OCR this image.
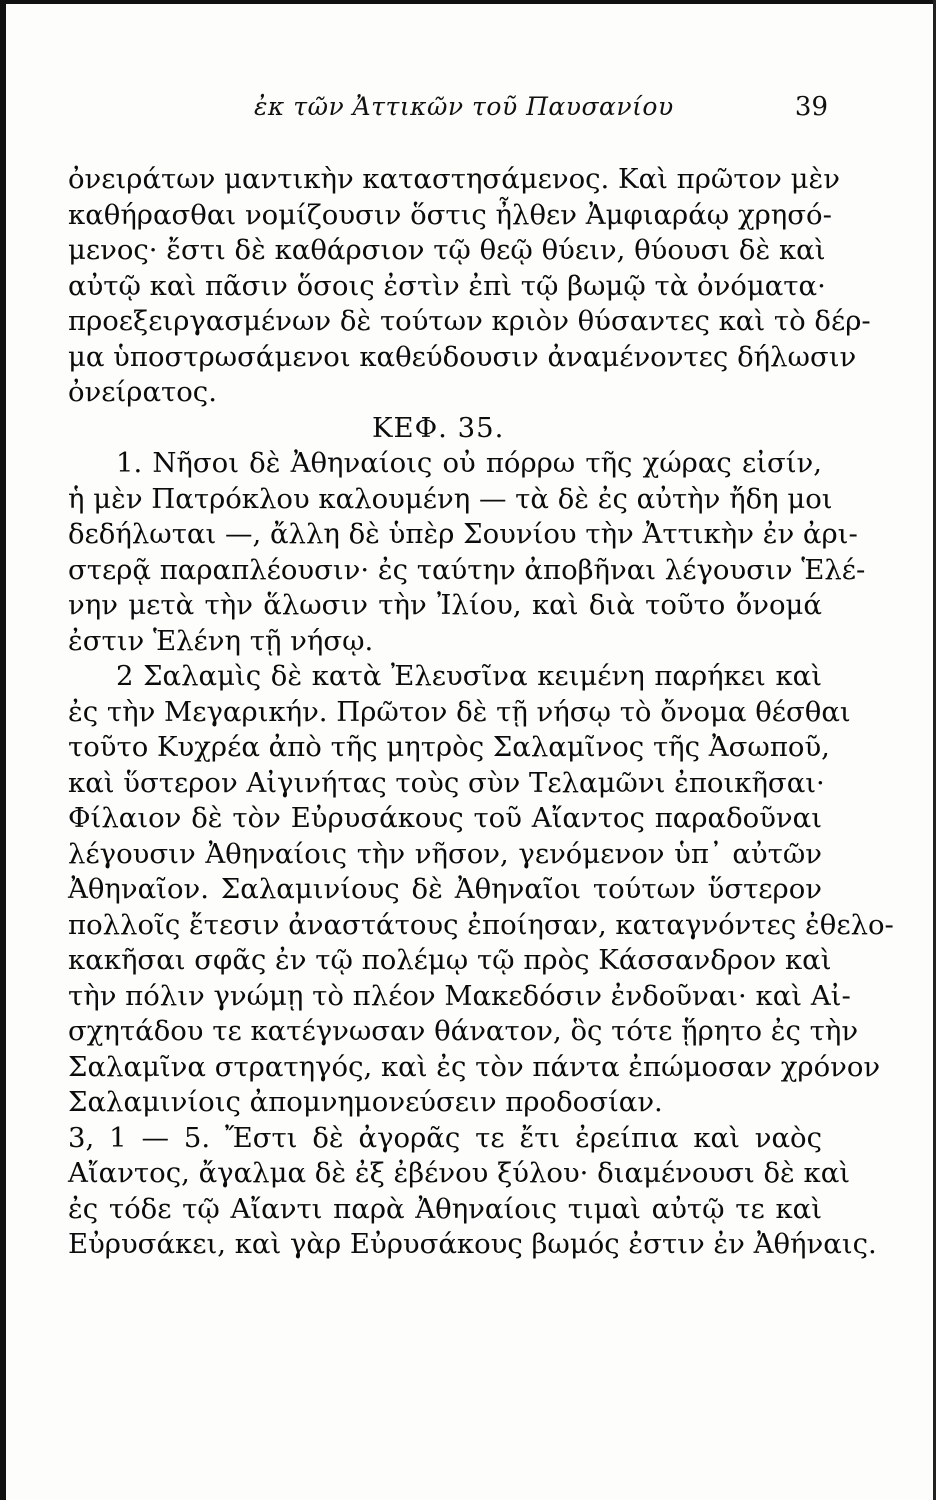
ἐκ τῶν Ἀττικῶν τοῦ Παυσανίου	39
ὀνειράτων μαντικὴν καταστησάμενος. Καὶ πρῶτον μὲν
καθήρασθαι νομίζουσιν ὅστις ἦλθεν Ἀμφιαράῳ χρησό-
μενος· ἔστι δὲ καθάρσιον τῷ θεῷ θύειν, θύουσι δὲ καὶ
αὐτῷ καὶ πᾶσιν ὅσοις ἐστὶν ἐπὶ τῷ βωμῷ τὰ ὀνόματα·
προεξειργασμένων δὲ τούτων κριὸν θύσαντες καὶ τὸ δέρ-
μα ὑποστρωσάμενοι καθεύδουσιν ἀναμένοντες δήλωσιν
ὀνείρατος.
ΚΕΦ. 35.
1. Νῆσοι δὲ Ἀθηναίοις οὐ πόρρω τῆς χώρας εἰσίν,
ἡ μὲν Πατρόκλου καλουμένη — τὰ δὲ ἐς αὐτὴν ἤδη μοι
δεδήλωται —, ἄλλη δὲ ὑπὲρ Σουνίου τὴν Ἀττικὴν ἐν ἀρι-
στερᾷ παραπλέουσιν· ἐς ταύτην ἀποβῆναι λέγουσιν Ἑλέ-
νην μετὰ τὴν ἅλωσιν τὴν Ἰλίου, καὶ διὰ τοῦτο ὄνομά
ἐστιν Ἑλένη τῇ νήσῳ.
2 Σαλαμὶς δὲ κατὰ Ἐλευσῖνα κειμένη παρήκει καὶ
ἐς τὴν Μεγαρικήν. Πρῶτον δὲ τῇ νήσῳ τὸ ὄνομα θέσθαι
τοῦτο Κυχρέα ἀπὸ τῆς μητρὸς Σαλαμῖνος τῆς Ἀσωποῦ,
καὶ ὕστερον Αἰγινήτας τοὺς σὺν Τελαμῶνι ἐποικῆσαι·
Φίλαιον δὲ τὸν Εὐρυσάκους τοῦ Αἴαντος παραδοῦναι
λέγουσιν Ἀθηναίοις τὴν νῆσον, γενόμενον ὑπ᾽ αὐτῶν
Ἀθηναῖον. Σαλαμινίους δὲ Ἀθηναῖοι τούτων ὕστερον
πολλοῖς ἔτεσιν ἀναστάτους ἐποίησαν, καταγνόντες ἐθελο-
κακῆσαι σφᾶς ἐν τῷ πολέμῳ τῷ πρὸς Κάσσανδρον καὶ
τὴν πόλιν γνώμῃ τὸ πλέον Μακεδόσιν ἐνδοῦναι· καὶ Αἰ-
σχητάδου τε κατέγνωσαν θάνατον, ὃς τότε ᾕρητο ἐς τὴν
Σαλαμῖνα στρατηγός, καὶ ἐς τὸν πάντα ἐπώμοσαν χρόνον
Σαλαμινίοις ἀπομνημονεύσειν προδοσίαν.
3, 1 — 5. Ἔστι δὲ ἀγορᾶς τε ἔτι ἐρείπια καὶ ναὸς
Αἴαντος, ἄγαλμα δὲ ἐξ ἐβένου ξύλου· διαμένουσι δὲ καὶ
ἐς τόδε τῷ Αἴαντι παρὰ Ἀθηναίοις τιμαὶ αὐτῷ τε καὶ
Εὐρυσάκει, καὶ γὰρ Εὐρυσάκους βωμός ἐστιν ἐν Ἀθήναις.
